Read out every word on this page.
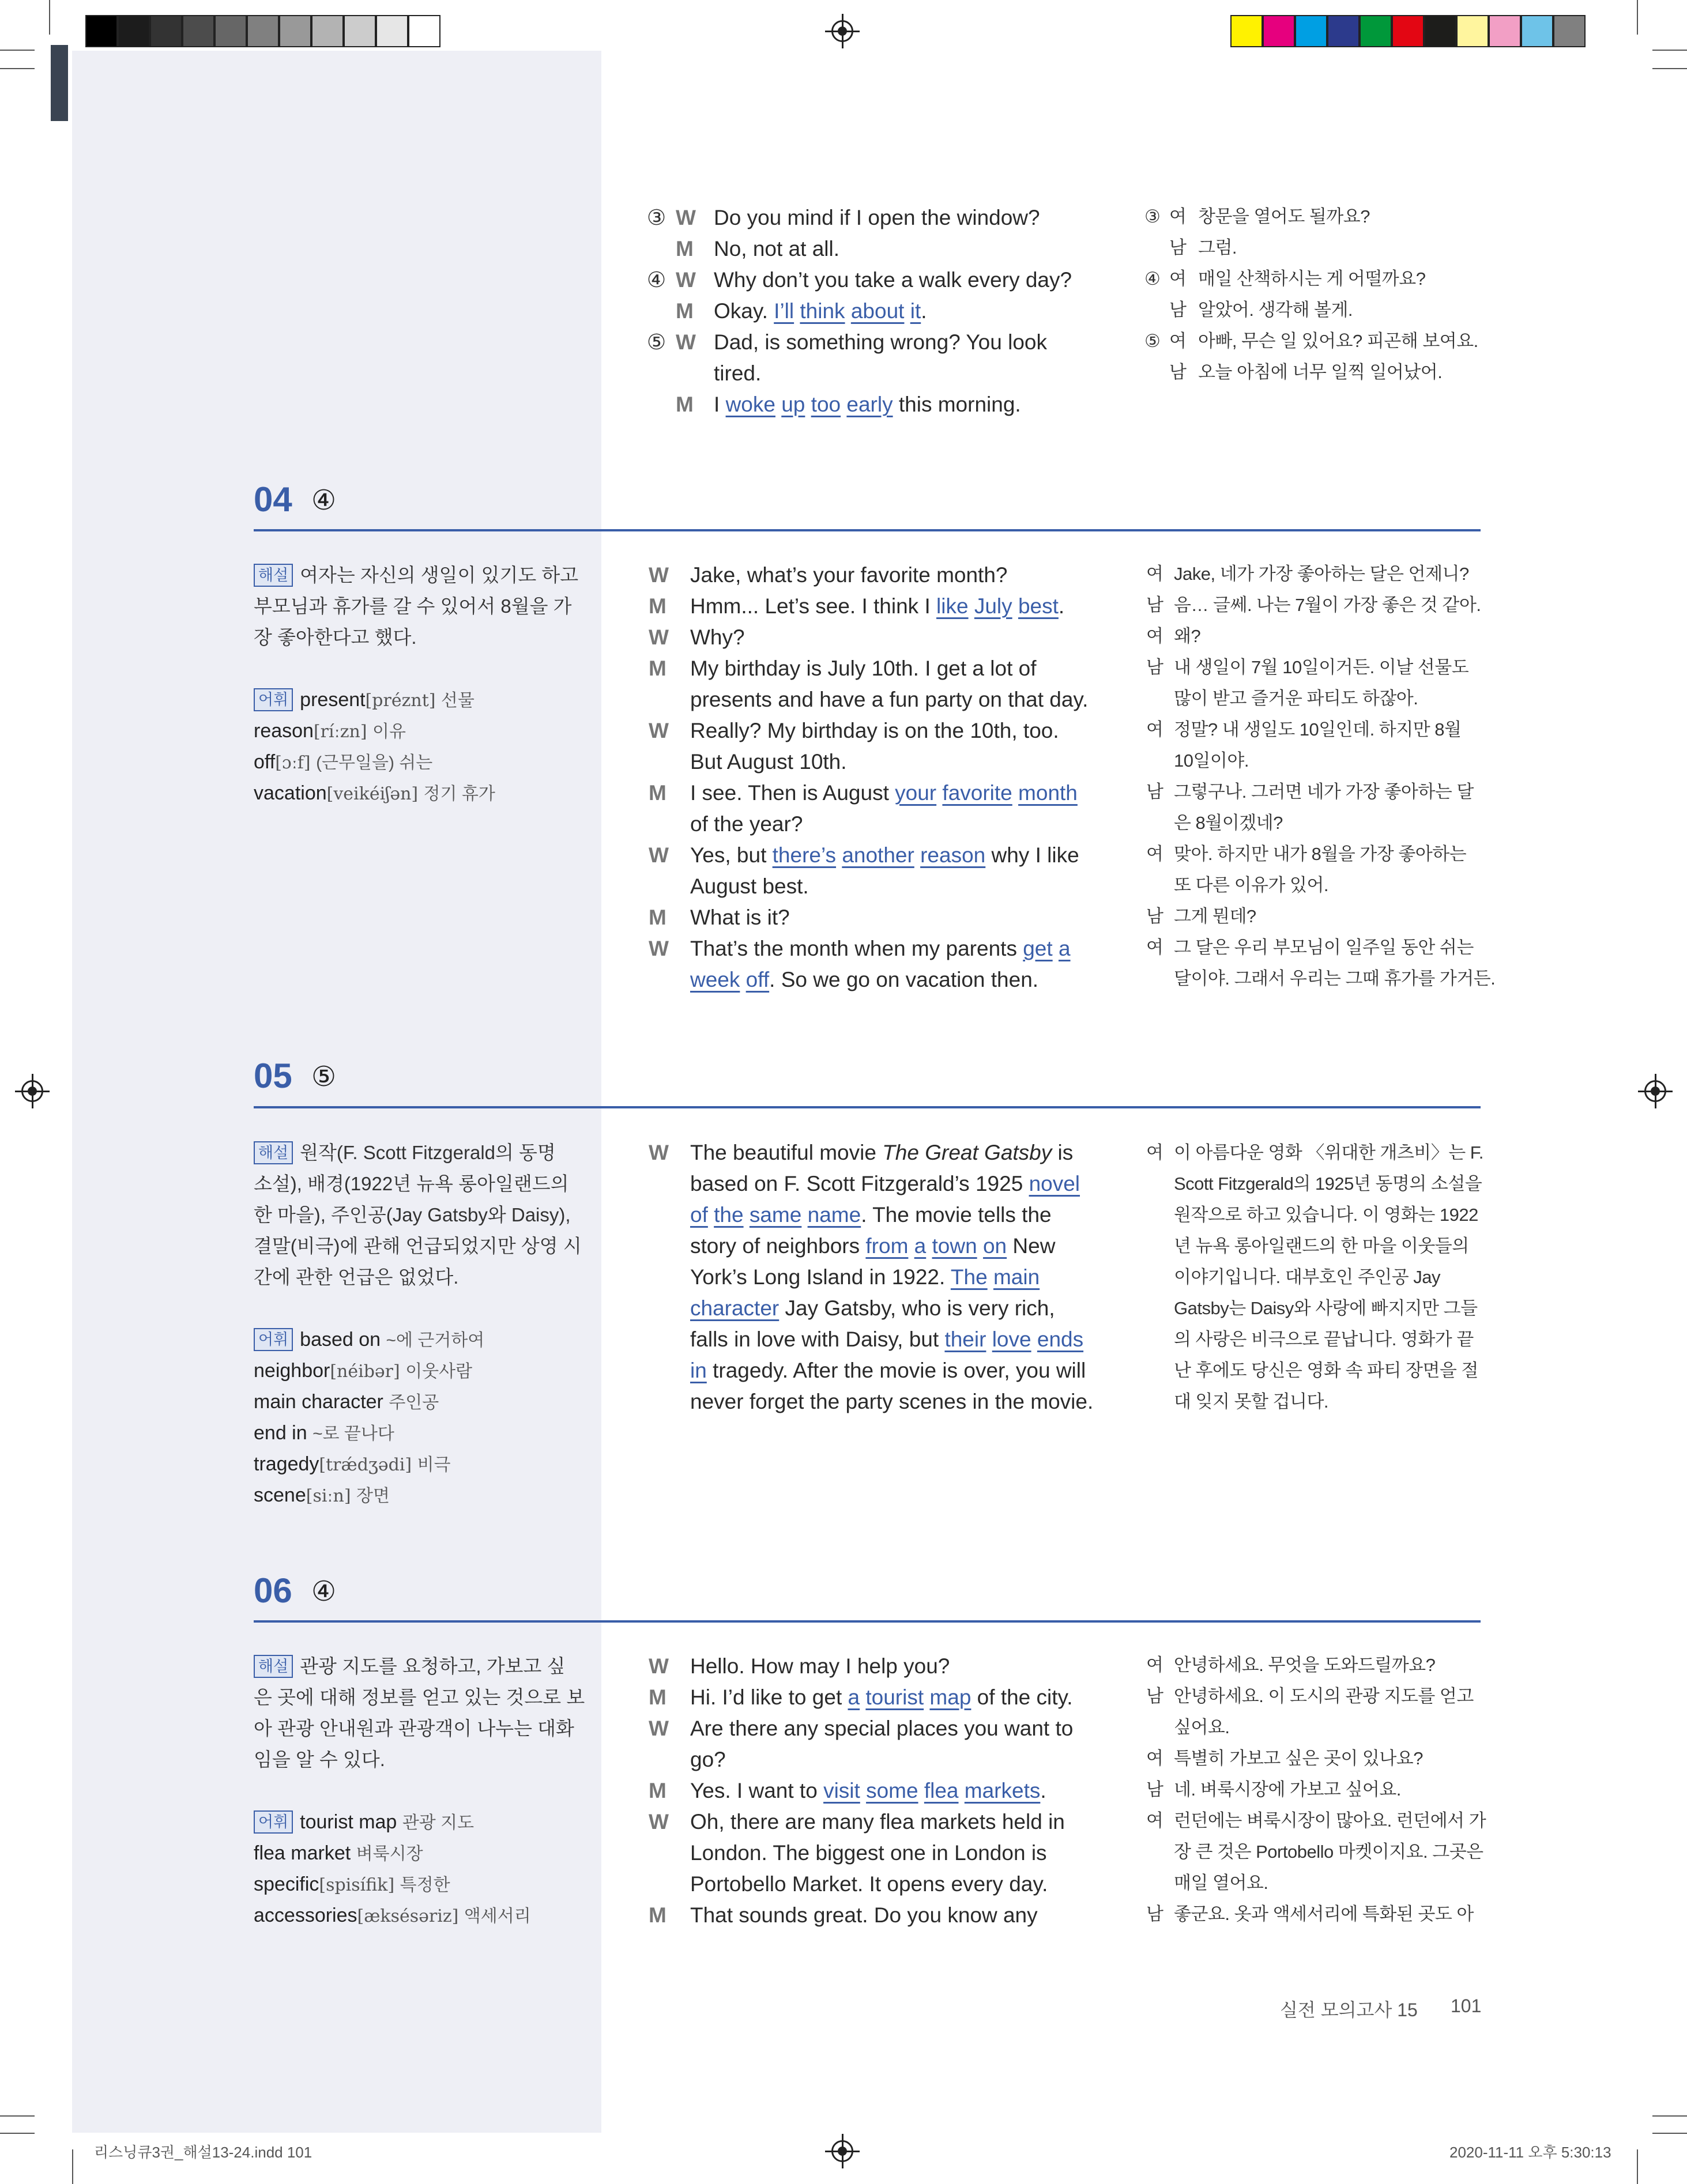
③ W Do you mind if I open the window?
M No, not at all.
④ W Why don’t you take a walk every day?
M Okay. I’ll think about it.
⑤ W Dad, is something wrong? You look
tired.
M I woke up too early this morning.
③ 여 창문을 열어도 될까요?
남 그럼.
④ 여 매일 산책하시는 게 어떨까요?
남 알았어. 생각해 볼게.
⑤ 여 아빠, 무슨 일 있어요? 피곤해 보여요.
남 오늘 아침에 너무 일찍 일어났어.
04 ④
해설 여자는 자신의 생일이 있기도 하고
부모님과 휴가를 갈 수 있어서 8월을 가
장 좋아한다고 했다.
어휘 present[préznt] 선물
reason[ríːzn] 이유
off[ɔːf] (근무일을) 쉬는
vacation[veikéiʃən] 정기 휴가
W Jake, what’s your favorite month?
M Hmm... Let’s see. I think I like July best.
W Why?
M My birthday is July 10th. I get a lot of
presents and have a fun party on that day.
W Really? My birthday is on the 10th, too.
But August 10th.
M I see. Then is August your favorite month
of the year?
W Yes, but there’s another reason why I like
August best.
M What is it?
W That’s the month when my parents get a
week off. So we go on vacation then.
여 Jake, 네가 가장 좋아하는 달은 언제니?
남 음… 글쎄. 나는 7월이 가장 좋은 것 같아.
여 왜?
남 내 생일이 7월 10일이거든. 이날 선물도
많이 받고 즐거운 파티도 하잖아.
여 정말? 내 생일도 10일인데. 하지만 8월
10일이야.
남 그렇구나. 그러면 네가 가장 좋아하는 달
은 8월이겠네?
여 맞아. 하지만 내가 8월을 가장 좋아하는
또 다른 이유가 있어.
남 그게 뭔데?
여 그 달은 우리 부모님이 일주일 동안 쉬는
달이야. 그래서 우리는 그때 휴가를 가거든.
05 ⑤
해설 원작(F. Scott Fitzgerald의 동명
소설), 배경(1922년 뉴욕 롱아일랜드의
한 마을), 주인공(Jay Gatsby와 Daisy),
결말(비극)에 관해 언급되었지만 상영 시
간에 관한 언급은 없었다.
어휘 based on ~에 근거하여
neighbor[néibər] 이웃사람
main character 주인공
end in ~로 끝나다
tragedy[trǽdʒədi] 비극
scene[siːn] 장면
W The beautiful movie The Great Gatsby is
based on F. Scott Fitzgerald’s 1925 novel
of the same name. The movie tells the
story of neighbors from a town on New
York’s Long Island in 1922. The main
character Jay Gatsby, who is very rich,
falls in love with Daisy, but their love ends
in tragedy. After the movie is over, you will
never forget the party scenes in the movie.
여 이 아름다운 영화 〈위대한 개츠비〉는 F.
Scott Fitzgerald의 1925년 동명의 소설을
원작으로 하고 있습니다. 이 영화는 1922
년 뉴욕 롱아일랜드의 한 마을 이웃들의
이야기입니다. 대부호인 주인공 Jay
Gatsby는 Daisy와 사랑에 빠지지만 그들
의 사랑은 비극으로 끝납니다. 영화가 끝
난 후에도 당신은 영화 속 파티 장면을 절
대 잊지 못할 겁니다.
06 ④
해설 관광 지도를 요청하고, 가보고 싶
은 곳에 대해 정보를 얻고 있는 것으로 보
아 관광 안내원과 관광객이 나누는 대화
임을 알 수 있다.
어휘 tourist map 관광 지도
flea market 벼룩시장
specific[spisífik] 특정한
accessories[æksésəriz] 액세서리
W Hello. How may I help you?
M Hi. I’d like to get a tourist map of the city.
W Are there any special places you want to
go?
M Yes. I want to visit some flea markets.
W Oh, there are many flea markets held in
London. The biggest one in London is
Portobello Market. It opens every day.
M That sounds great. Do you know any
여 안녕하세요. 무엇을 도와드릴까요?
남 안녕하세요. 이 도시의 관광 지도를 얻고
싶어요.
여 특별히 가보고 싶은 곳이 있나요?
남 네. 벼룩시장에 가보고 싶어요.
여 런던에는 벼룩시장이 많아요. 런던에서 가
장 큰 것은 Portobello 마켓이지요. 그곳은
매일 열어요.
남 좋군요. 옷과 액세서리에 특화된 곳도 아
실전 모의고사 15 101
리스닝큐3권_해설13-24.indd 101	2020-11-11 오후 5:30:13
